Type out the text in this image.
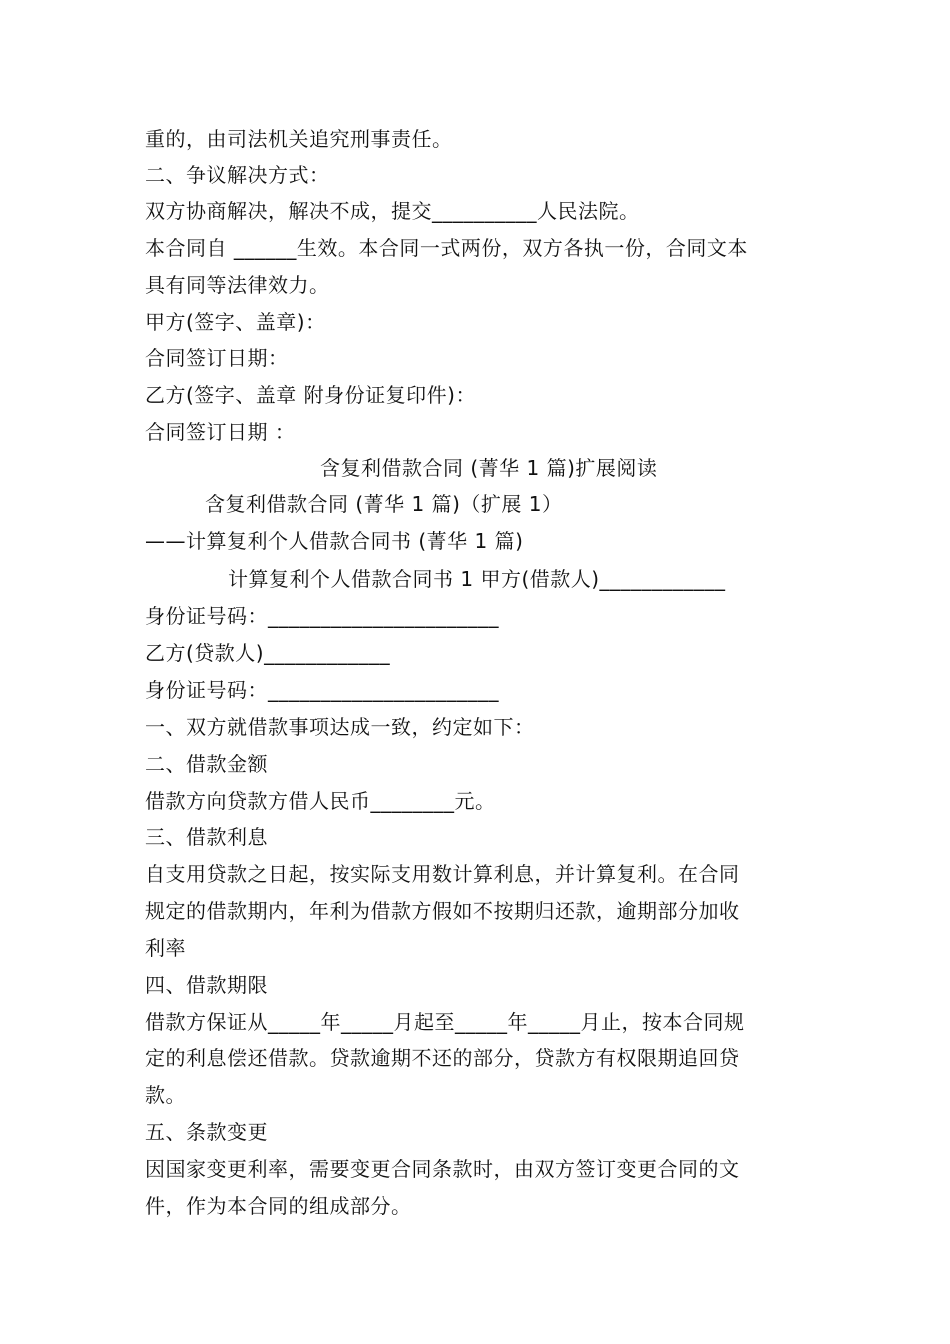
重的，由司法机关追究刑事责任。
二、争议解决方式：
双方协商解决，解决不成，提交__________人民法院。
本合同自 ______生效。本合同一式两份，双方各执一份，合同文本
具有同等法律效力。
甲方(签字、盖章)：
合同签订日期：
乙方(签字、盖章 附身份证复印件)：
合同签订日期 ：
含复利借款合同 (菁华 1 篇)扩展阅读
含复利借款合同 (菁华 1 篇)（扩展 1）
——计算复利个人借款合同书 (菁华 1 篇)
计算复利个人借款合同书 1 甲方(借款人)____________
身份证号码：______________________
乙方(贷款人)____________
身份证号码：______________________
一、双方就借款事项达成一致，约定如下：
二、借款金额
借款方向贷款方借人民币________元。
三、借款利息
自支用贷款之日起，按实际支用数计算利息，并计算复利。在合同
规定的借款期内，年利为借款方假如不按期归还款，逾期部分加收
利率
四、借款期限
借款方保证从_____年_____月起至_____年_____月止，按本合同规
定的利息偿还借款。贷款逾期不还的部分，贷款方有权限期追回贷
款。
五、条款变更
因国家变更利率，需要变更合同条款时，由双方签订变更合同的文
件，作为本合同的组成部分。
